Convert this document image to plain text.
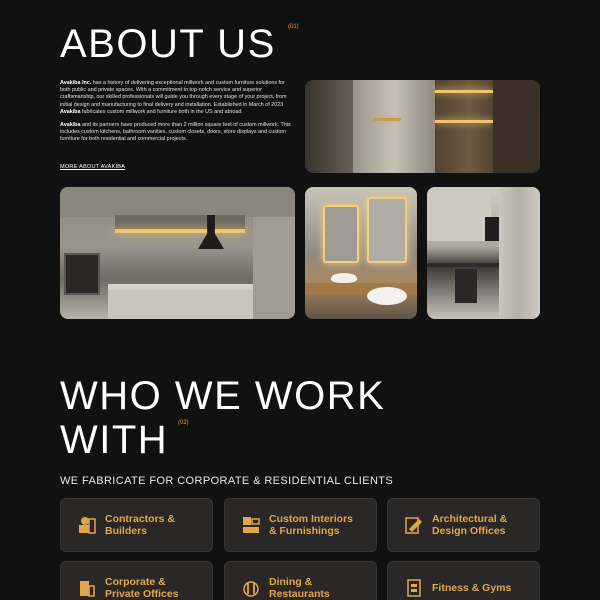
ABOUT US (01)

Avakiba Inc. has a history of delivering exceptional millwork and custom furniture solutions for both public and private spaces. With a commitment to top-notch service and superior craftsmanship, our skilled professionals will guide you through every stage of your project, from initial design and manufacturing to final delivery and installation. Established in March of 2023 Avakiba fabricates custom millwork and furniture both in the US and abroad.

Avakiba and its partners have produced more than 2 million square feet of custom millwork. This includes custom kitchens, bathroom vanities, custom closets, doors, store displays and custom furniture for both residential and commercial projects.

MORE ABOUT AVAKIBA
WHO WE WORK WITH	(02)
WE FABRICATE FOR CORPORATE & RESIDENTIAL CLIENTS
Contractors &
Builders
Custom Interiors
& Furnishings
Architectural &
Design Offices
Corporate &
Private Offices
Dining &
Restaurants	Fitness & Gyms
